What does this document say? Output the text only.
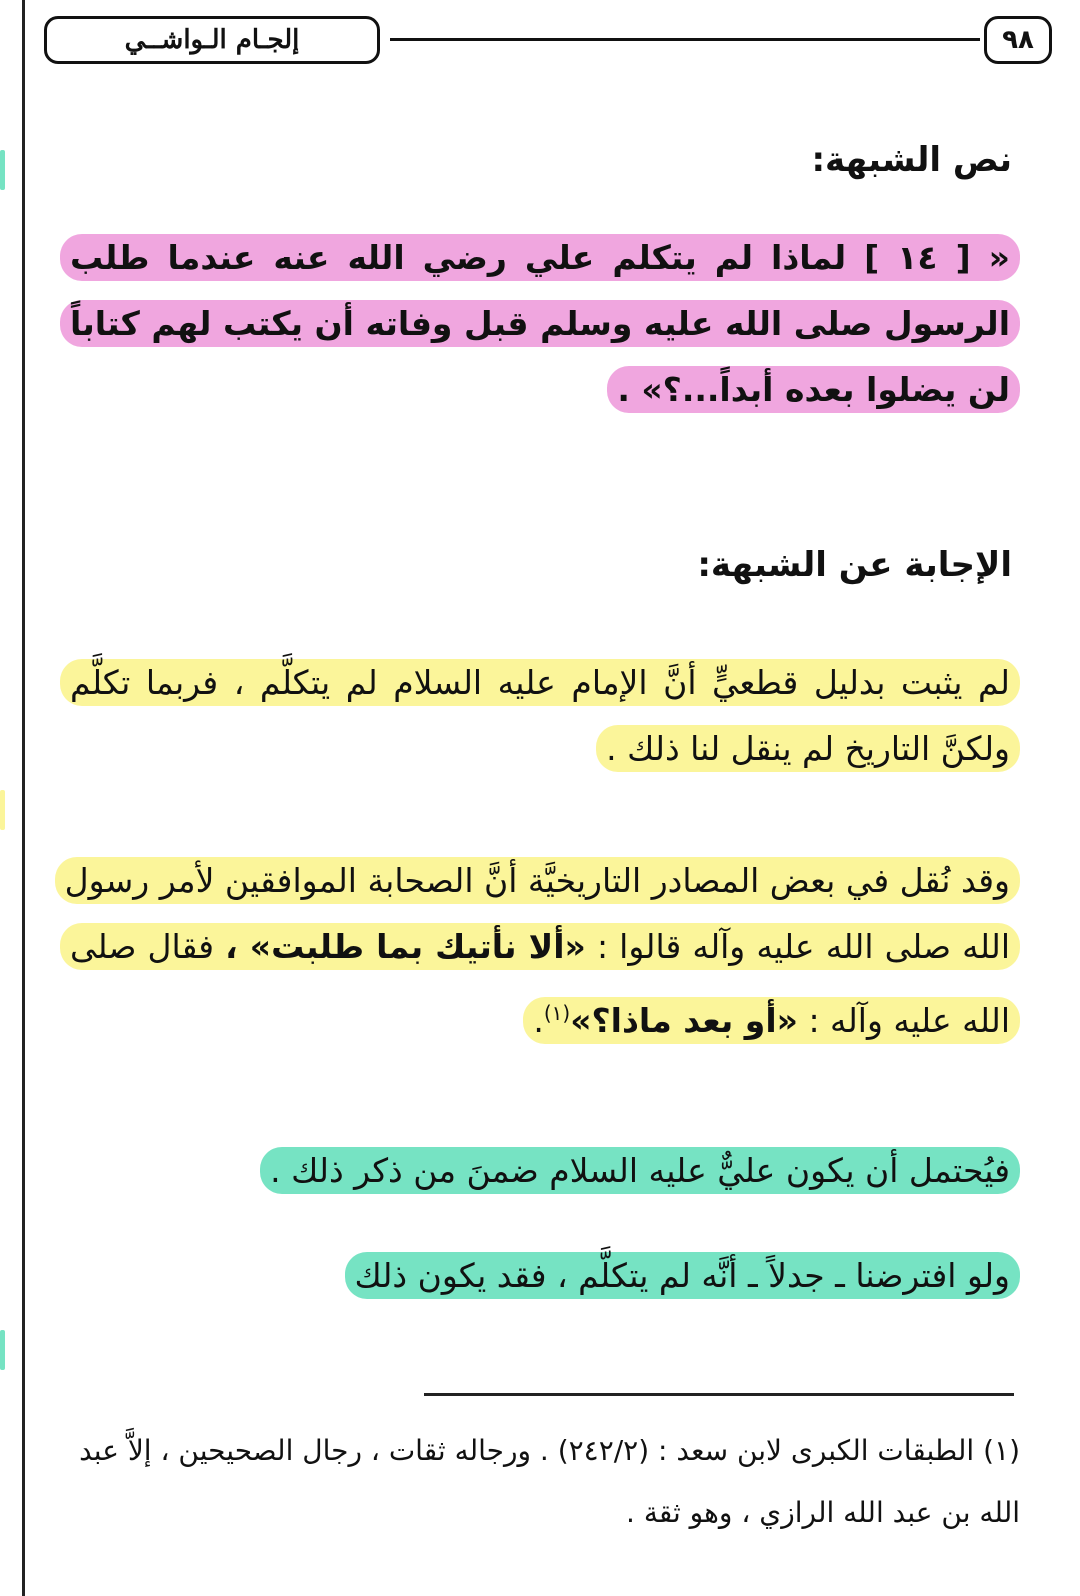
٩٨
إلجـام الـواشــي
نص الشبهة:

« [ ١٤ ] لماذا لم يتكلم علي رضي الله عنه عندما طلب الرسول صلى الله عليه وسلم قبل وفاته أن يكتب لهم كتاباً لن يضلوا بعده أبداً...؟» .

الإجابة عن الشبهة:

لم يثبت بدليل قطعيٍّ أنَّ الإمام عليه السلام لم يتكلَّم ، فربما تكلَّم ولكنَّ التاريخ لم ينقل لنا ذلك .

وقد نُقل في بعض المصادر التاريخيَّة أنَّ الصحابة الموافقين لأمر رسول الله صلى الله عليه وآله قالوا : «ألا نأتيك بما طلبت» ، فقال صلى الله عليه وآله : «أو بعد ماذا؟»$^{(١)}$.

فيُحتمل أن يكون عليٌّ عليه السلام ضمنَ من ذكر ذلك .

ولو افترضنا ـ جدلاً ـ أنَّه لم يتكلَّم ، فقد يكون ذلك

(١) الطبقات الكبرى لابن سعد : (٢٤٢/٢) . ورجاله ثقات ، رجال الصحيحين ، إلاَّ عبد الله بن عبد الله الرازي ، وهو ثقة .
